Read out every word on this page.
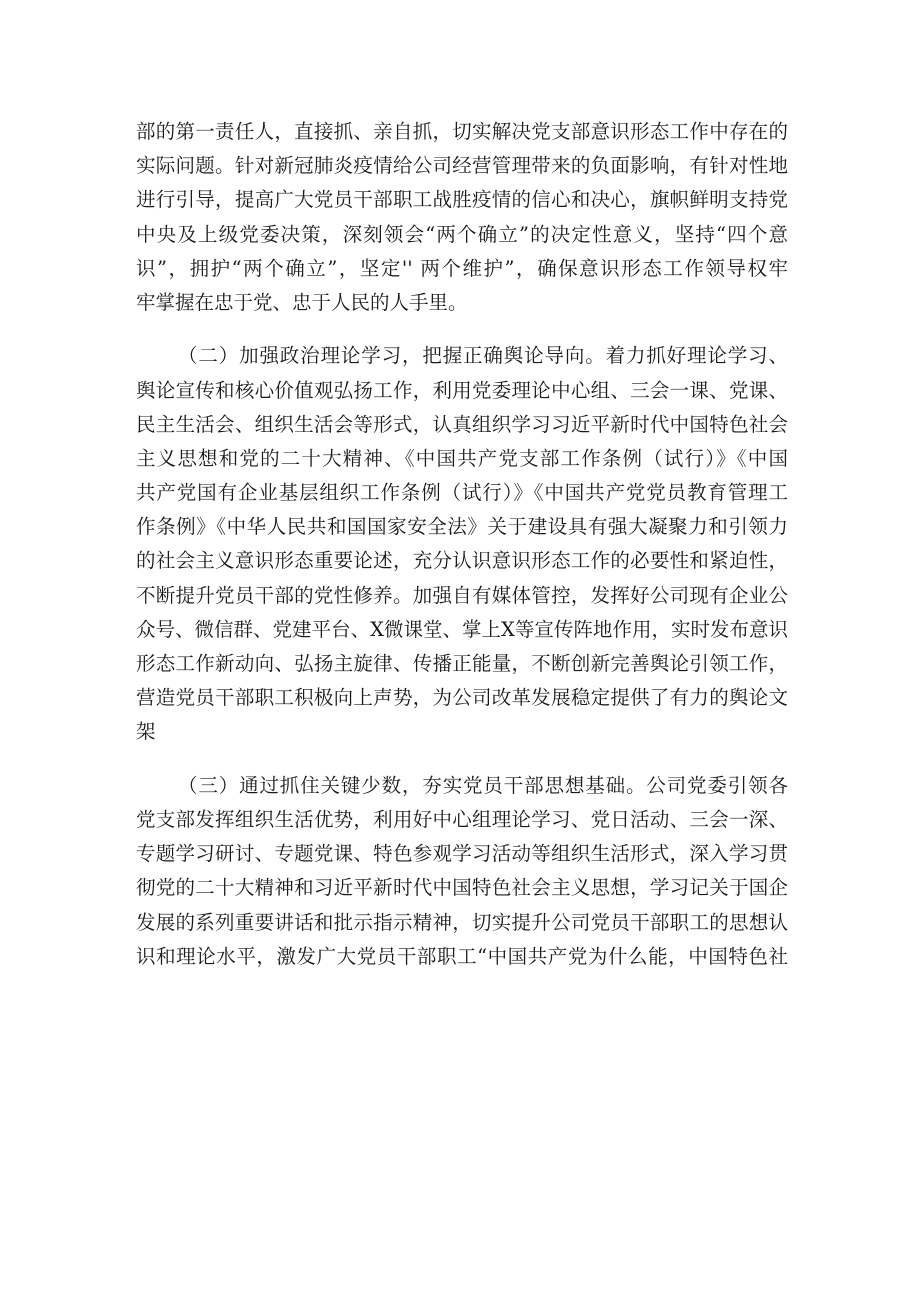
部的第一责任人，直接抓、亲自抓，切实解决党支部意识形态工作中存在的
实际问题。针对新冠肺炎疫情给公司经营管理带来的负面影响，有针对性地
进行引导，提高广大党员干部职工战胜疫情的信心和决心，旗帜鲜明支持党
中央及上级党委决策，深刻领会“两个确立”的决定性意义，坚持“四个意
识”，拥护“两个确立”，坚定'' 两个维护”，确保意识形态工作领导权牢
牢掌握在忠于党、忠于人民的人手里。
（二）加强政治理论学习，把握正确舆论导向。着力抓好理论学习、
舆论宣传和核心价值观弘扬工作，利用党委理论中心组、三会一课、党课、
民主生活会、组织生活会等形式，认真组织学习习近平新时代中国特色社会
主义思想和党的二十大精神、《中国共产党支部工作条例（试行）》《中国
共产党国有企业基层组织工作条例（试行）》《中国共产党党员教育管理工
作条例》《中华人民共和国国家安全法》关于建设具有强大凝聚力和引领力
的社会主义意识形态重要论述，充分认识意识形态工作的必要性和紧迫性，
不断提升党员干部的党性修养。加强自有媒体管控，发挥好公司现有企业公
众号、微信群、党建平台、X微课堂、掌上X等宣传阵地作用，实时发布意识
形态工作新动向、弘扬主旋律、传播正能量，不断创新完善舆论引领工作，
营造党员干部职工积极向上声势，为公司改革发展稳定提供了有力的舆论文
架
（三）通过抓住关键少数，夯实党员干部思想基础。公司党委引领各
党支部发挥组织生活优势，利用好中心组理论学习、党日活动、三会一深、
专题学习研讨、专题党课、特色参观学习活动等组织生活形式，深入学习贯
彻党的二十大精神和习近平新时代中国特色社会主义思想，学习记关于国企
发展的系列重要讲话和批示指示精神，切实提升公司党员干部职工的思想认
识和理论水平，激发广大党员干部职工“中国共产党为什么能，中国特色社
